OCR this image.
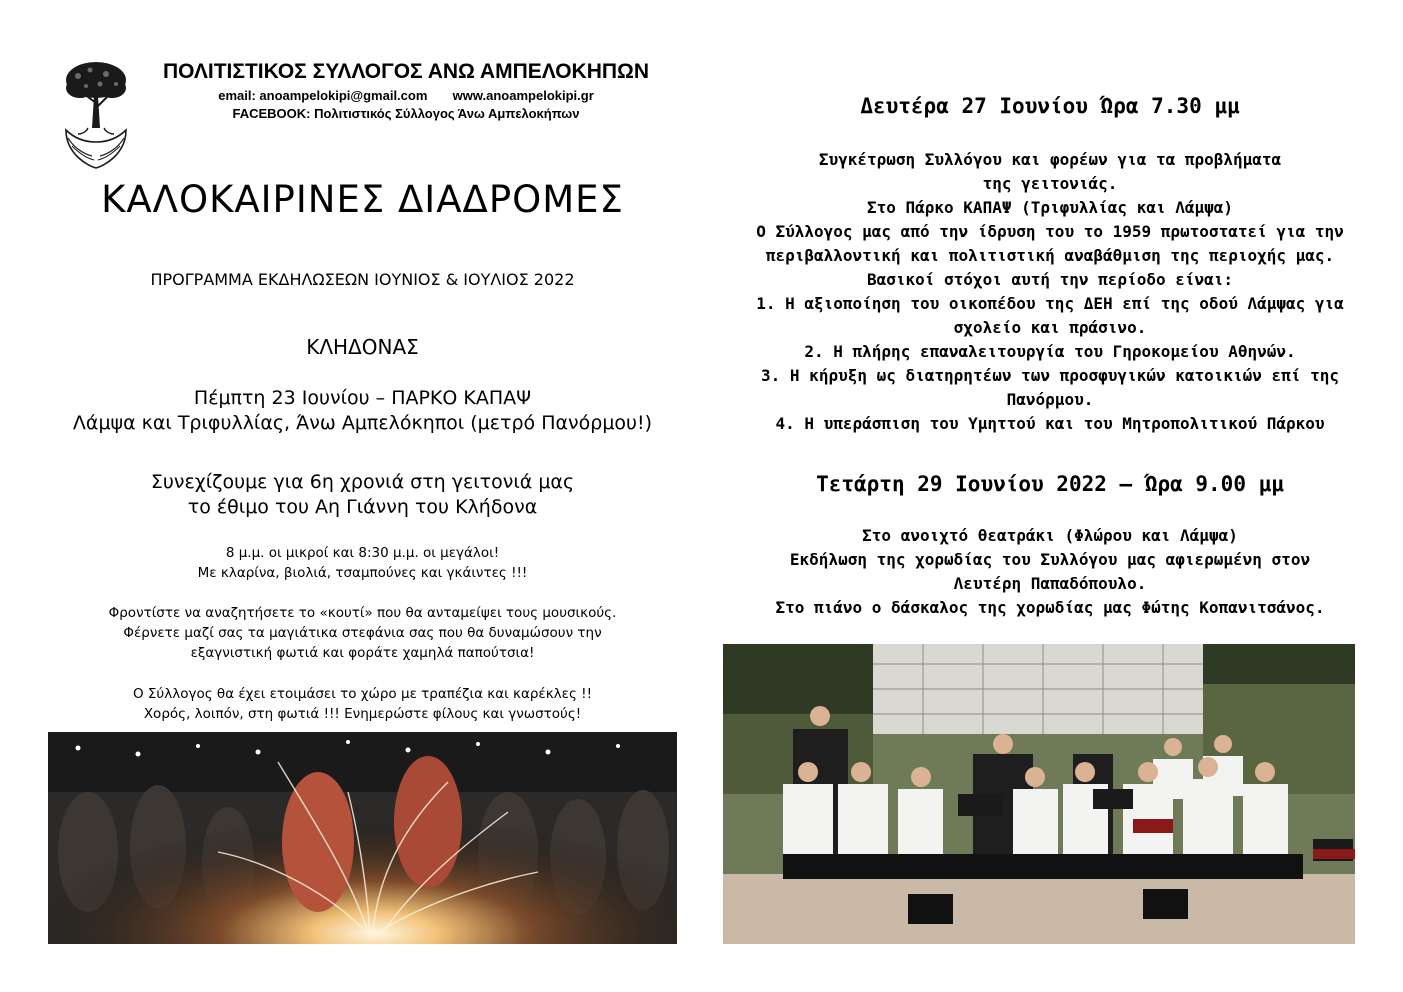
ΠΟΛΙΤΙΣΤΙΚΟΣ ΣΥΛΛΟΓΟΣ ΑΝΩ ΑΜΠΕΛΟΚΗΠΩΝ
email: anoampelokipi@gmail.com       www.anoampelokipi.gr
FACEBOOK: Πολιτιστικός Σύλλογος Άνω Αμπελοκήπων
ΚΑΛΟΚΑΙΡΙΝΕΣ ΔΙΑΔΡΟΜΕΣ
ΠΡΟΓΡΑΜΜΑ ΕΚΔΗΛΩΣΕΩΝ ΙΟΥΝΙΟΣ & ΙΟΥΛΙΟΣ 2022
ΚΛΗΔΟΝΑΣ
Πέμπτη 23 Ιουνίου – ΠΑΡΚΟ ΚΑΠΑΨ
Λάμψα και Τριφυλλίας, Άνω Αμπελόκηποι (μετρό Πανόρμου!)
Συνεχίζουμε για 6η χρονιά στη γειτονιά μας
το έθιμο του Αη Γιάννη του Κλήδονα
8 μ.μ. οι μικροί και 8:30 μ.μ. οι μεγάλοι!
Με κλαρίνα, βιολιά, τσαμπούνες και γκάιντες !!!
Φροντίστε να αναζητήσετε το «κουτί» που θα ανταμείψει τους μουσικούς.
Φέρνετε μαζί σας τα μαγιάτικα στεφάνια σας που θα δυναμώσουν την
εξαγνιστική φωτιά και φοράτε χαμηλά παπούτσια!
Ο Σύλλογος θα έχει ετοιμάσει το χώρο με τραπέζια και καρέκλες !!
Χορός, λοιπόν, στη φωτιά !!! Ενημερώστε φίλους και γνωστούς!
Δευτέρα 27 Ιουνίου Ώρα 7.30 μμ
Συγκέτρωση Συλλόγου και φορέων για τα προβλήματα
της γειτονιάς.
Στο Πάρκο ΚΑΠΑΨ (Τριφυλλίας και Λάμψα)
Ο Σύλλογος μας από την ίδρυση του το 1959 πρωτοστατεί για την
περιβαλλοντική και πολιτιστική αναβάθμιση της περιοχής μας.
Βασικοί στόχοι αυτή την περίοδο είναι:
1. Η αξιοποίηση του οικοπέδου της ΔΕΗ επί της οδού Λάμψας για
σχολείο και πράσινο.
2. Η πλήρης επαναλειτουργία του Γηροκομείου Αθηνών.
3. Η κήρυξη ως διατηρητέων των προσφυγικών κατοικιών επί της
Πανόρμου.
4. Η υπεράσπιση του Υμηττού και του Μητροπολιτικού Πάρκου
Τετάρτη 29 Ιουνίου 2022 – Ώρα 9.00 μμ
Στο ανοιχτό θεατράκι (Φλώρου και Λάμψα)
Εκδήλωση της χορωδίας του Συλλόγου μας αφιερωμένη στον
Λευτέρη Παπαδόπουλο.
Στο πιάνο ο δάσκαλος της χορωδίας μας Φώτης Κοπανιτσάνος.
